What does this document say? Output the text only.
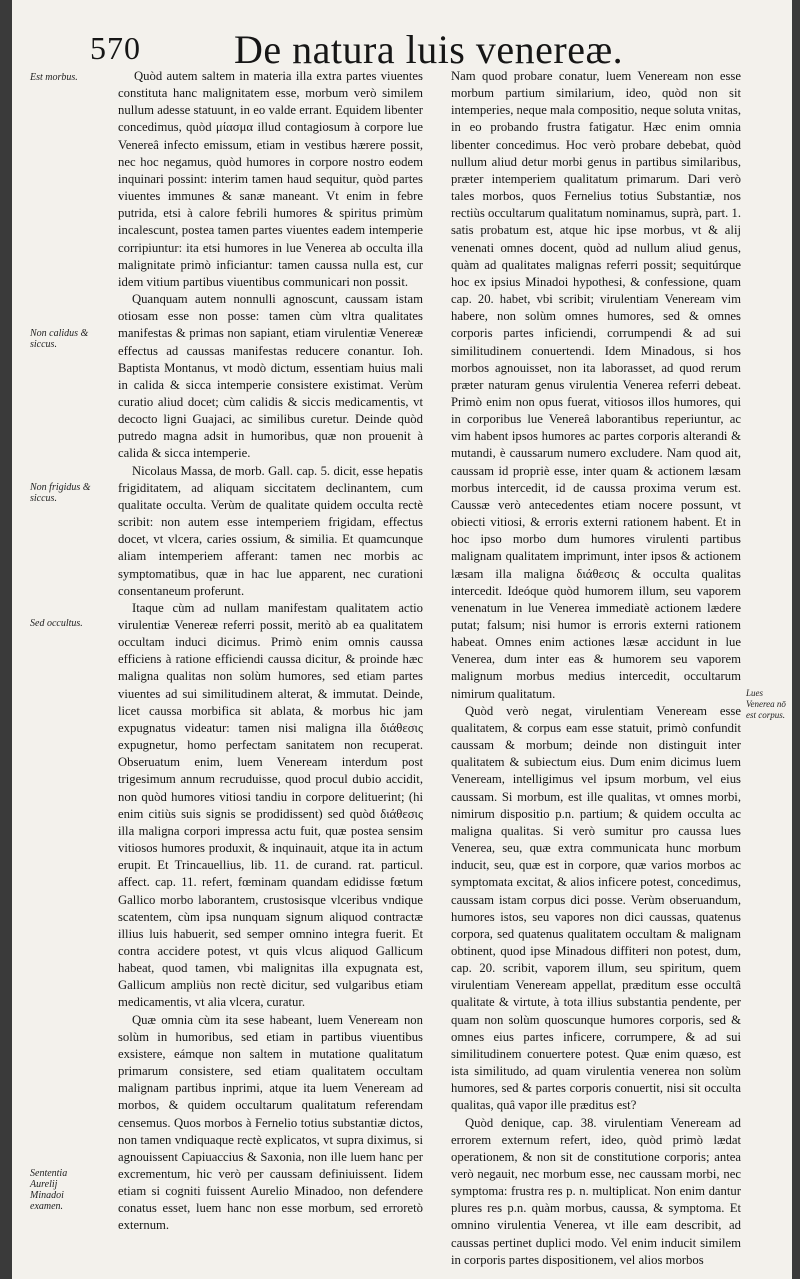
570 De natura luis venereæ.
Est morbus.
Non calidus & siccus.
Non frigidus & siccus.
Sed occultus.
Sententia Aurelij Minadoi examen.
Lues Venerea nō est corpus.

Quòd autem saltem in materia illa extra partes viuentes constituta hanc malignitatem esse, morbum verò similem nullum adesse statuunt, in eo valde errant. Equidem libenter concedimus, quòd μίασμα illud contagiosum à corpore lue Venereâ infecto emissum, etiam in vestibus hærere possit, nec hoc negamus, quòd humores in corpore nostro eodem inquinari possint: interim tamen haud sequitur, quòd partes viuentes immunes & sanæ maneant. Vt enim in febre putrida, etsi à calore febrili humores & spiritus primùm incalescunt, postea tamen partes viuentes eadem intemperie corripiuntur: ita etsi humores in lue Venerea ab occulta illa malignitate primò inficiantur: tamen caussa nulla est, cur idem vitium partibus viuentibus communicari non possit.

Quanquam autem nonnulli agnoscunt, caussam istam otiosam esse non posse: tamen cùm vltra qualitates manifestas & primas non sapiant, etiam virulentiæ Venereæ effectus ad caussas manifestas reducere conantur. Ioh. Baptista Montanus, vt modò dictum, essentiam huius mali in calida & sicca intemperie consistere existimat. Verùm curatio aliud docet; cùm calidis & siccis medicamentis, vt decocto ligni Guajaci, ac similibus curetur. Deinde quòd putredo magna adsit in humoribus, quæ non prouenit à calida & sicca intemperie.

Nicolaus Massa, de morb. Gall. cap. 5. dicit, esse hepatis frigiditatem, ad aliquam siccitatem declinantem, cum qualitate occulta. Verùm de qualitate quidem occulta rectè scribit: non autem esse intemperiem frigidam, effectus docet, vt vlcera, caries ossium, & similia. Et quamcunque aliam intemperiem afferant: tamen nec morbis ac symptomatibus, quæ in hac lue apparent, nec curationi consentaneum proferunt.

Itaque cùm ad nullam manifestam qualitatem actio virulentiæ Venereæ referri possit, meritò ab ea qualitatem occultam induci dicimus. Primò enim omnis caussa efficiens à ratione efficiendi caussa dicitur, & proinde hæc maligna qualitas non solùm humores, sed etiam partes viuentes ad sui similitudinem alterat, & immutat. Deinde, licet caussa morbifica sit ablata, & morbus hic jam expugnatus videatur: tamen nisi maligna illa διάθεσις expugnetur, homo perfectam sanitatem non recuperat. Obseruatum enim, luem Veneream interdum post trigesimum annum recruduisse, quod procul dubio accidit, non quòd humores vitiosi tandiu in corpore delituerint; (hi enim citiùs suis signis se prodidissent) sed quòd διάθεσις illa maligna corpori impressa actu fuit, quæ postea sensim vitiosos humores produxit, & inquinauit, atque ita in actum erupit. Et Trincauellius, lib. 11. de curand. rat. particul. affect. cap. 11. refert, fœminam quandam edidisse fœtum Gallico morbo laborantem, crustosisque vlceribus vndique scatentem, cùm ipsa nunquam signum aliquod contractæ illius luis habuerit, sed semper omnino integra fuerit. Et contra accidere potest, vt quis vlcus aliquod Gallicum habeat, quod tamen, vbi malignitas illa expugnata est, Gallicum ampliùs non rectè dicitur, sed vulgaribus etiam medicamentis, vt alia vlcera, curatur.

Quæ omnia cùm ita sese habeant, luem Veneream non solùm in humoribus, sed etiam in partibus viuentibus exsistere, eámque non saltem in mutatione qualitatum primarum consistere, sed etiam qualitatem occultam malignam partibus inprimi, atque ita luem Veneream ad morbos, & quidem occultarum qualitatum referendam censemus. Quos morbos à Fernelio totius substantiæ dictos, non tamen vndiquaque rectè explicatos, vt supra diximus, si agnouissent Capiuaccius & Saxonia, non ille luem hanc per excrementum, hic verò per caussam definiuissent. Iidem etiam si cogniti fuissent Aurelio Minadoo, non defendere conatus esset, luem hanc non esse morbum, sed erroretò externum.

Nam quod probare conatur, luem Veneream non esse morbum partium similarium, ideo, quòd non sit intemperies, neque mala compositio, neque soluta vnitas, in eo probando frustra fatigatur. Hæc enim omnia libenter concedimus. Hoc verò probare debebat, quòd nullum aliud detur morbi genus in partibus similaribus, præter intemperiem qualitatum primarum. Dari verò tales morbos, quos Fernelius totius Substantiæ, nos rectiùs occultarum qualitatum nominamus, suprà, part. 1. satis probatum est, atque hic ipse morbus, vt & alij venenati omnes docent, quòd ad nullum aliud genus, quàm ad qualitates malignas referri possit; sequitúrque hoc ex ipsius Minadoi hypothesi, & confessione, quam cap. 20. habet, vbi scribit; virulentiam Veneream vim habere, non solùm omnes humores, sed & omnes corporis partes inficiendi, corrumpendi & ad sui similitudinem conuertendi. Idem Minadous, si hos morbos agnouisset, non ita laborasset, ad quod rerum præter naturam genus virulentia Venerea referri debeat. Primò enim non opus fuerat, vitiosos illos humores, qui in corporibus lue Venereâ laborantibus reperiuntur, ac vim habent ipsos humores ac partes corporis alterandi & mutandi, è caussarum numero excludere. Nam quod ait, caussam id propriè esse, inter quam & actionem læsam morbus intercedit, id de caussa proxima verum est. Caussæ verò antecedentes etiam nocere possunt, vt obiecti vitiosi, & erroris externi rationem habent. Et in hoc ipso morbo dum humores virulenti partibus malignam qualitatem imprimunt, inter ipsos & actionem læsam illa maligna διάθεσις & occulta qualitas intercedit. Ideóque quòd humorem illum, seu vaporem venenatum in lue Venerea immediatè actionem lædere putat; falsum; nisi humor is erroris externi rationem habeat. Omnes enim actiones læsæ accidunt in lue Venerea, dum inter eas & humorem seu vaporem malignum morbus medius intercedit, occultarum nimirum qualitatum.

Quòd verò negat, virulentiam Veneream esse qualitatem, & corpus eam esse statuit, primò confundit caussam & morbum; deinde non distinguit inter qualitatem & subiectum eius. Dum enim dicimus luem Veneream, intelligimus vel ipsum morbum, vel eius caussam. Si morbum, est ille qualitas, vt omnes morbi, nimirum dispositio p.n. partium; & quidem occulta ac maligna qualitas. Si verò sumitur pro caussa lues Venerea, seu, quæ extra communicata hunc morbum inducit, seu, quæ est in corpore, quæ varios morbos ac symptomata excitat, & alios inficere potest, concedimus, caussam istam corpus dici posse. Verùm obseruandum, humores istos, seu vapores non dici caussas, quatenus corpora, sed quatenus qualitatem occultam & malignam obtinent, quod ipse Minadous diffiteri non potest, dum, cap. 20. scribit, vaporem illum, seu spiritum, quem virulentiam Veneream appellat, præditum esse occultâ qualitate & virtute, à tota illius substantia pendente, per quam non solùm quoscunque humores corporis, sed & omnes eius partes inficere, corrumpere, & ad sui similitudinem conuertere potest. Quæ enim quæso, est ista similitudo, ad quam virulentia venerea non solùm humores, sed & partes corporis conuertit, nisi sit occulta qualitas, quâ vapor ille præditus est?

Quòd denique, cap. 38. virulentiam Veneream ad errorem externum refert, ideo, quòd primò lædat operationem, & non sit de constitutione corporis; antea verò negauit, nec morbum esse, nec caussam morbi, nec symptoma: frustra res p. n. multiplicat. Non enim dantur plures res p.n. quàm morbus, caussa, & symptoma. Et omnino virulentia Venerea, vt ille eam describit, ad caussas pertinet duplici modo. Vel enim inducit similem in corporis partes dispositionem, vel alios morbos
